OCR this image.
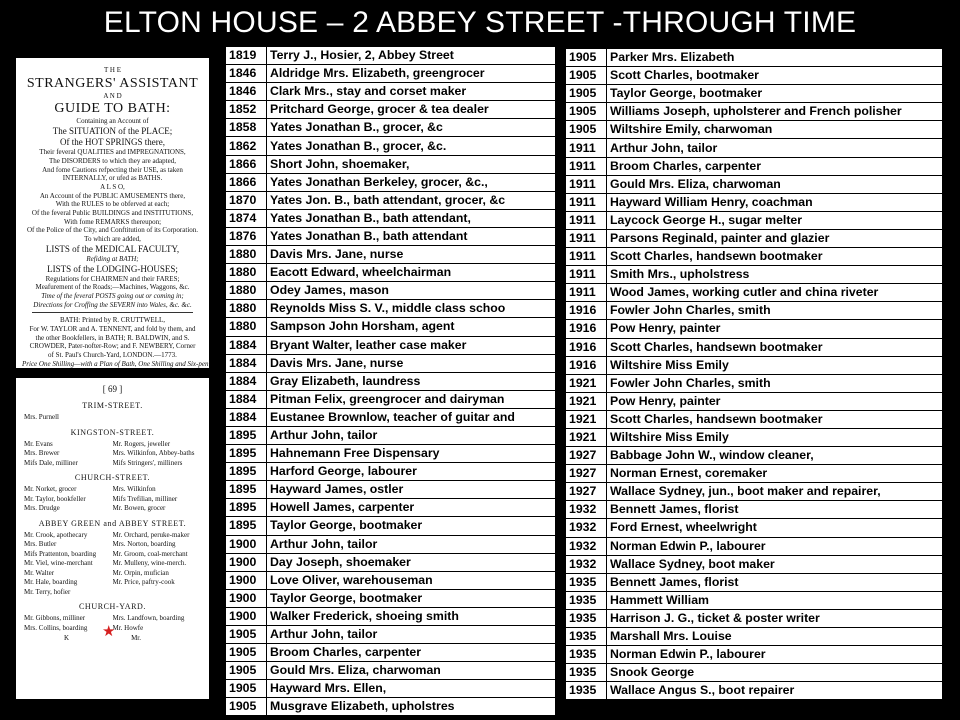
ELTON HOUSE – 2 ABBEY STREET -THROUGH TIME
T H E
STRANGERS' ASSISTANT
A N D
GUIDE TO BATH:
Containing an Account of
The SITUATION of the PLACE;
Of the HOT SPRINGS there,
Their feveral QUALITIES and IMPREGNATIONS,
The DISORDERS to which they are adapted,
And fome Cautions refpecting their USE, as taken
INTERNALLY, or ufed as BATHS.
A L S O,
An Account of the PUBLIC AMUSEMENTS there,
With the RULES to be obferved at each;
Of the feveral Public BUILDINGS and INSTITUTIONS,
With fome REMARKS thereupon;
Of the Police of the City, and Conftitution of its Corporation.
To which are added,
LISTS of the MEDICAL FACULTY,
Refiding at BATH;
LISTS of the LODGING-HOUSES;
Regulations for CHAIRMEN and their FARES;
Meafurement of the Roads;—Machines, Waggons, &c.
Time of the feveral POSTS going out or coming in;
Directions for Croffing the SEVERN into Wales, &c. &c.
BATH: Printed by R. CRUTTWELL,
For W. TAYLOR and A. TENNENT, and fold by them, and
the other Bookfellers, in BATH; R. BALDWIN, and S.
CROWDER, Pater-nofter-Row; and F. NEWBERY, Corner
of St. Paul's Church-Yard, LONDON.—1773.
Price One Shilling—with a Plan of Bath, One Shilling and Six-pen
[ 69 ]
TRIM-STREET.
Mrs. Purnell
KINGSTON-STREET.
Mr. Evans	Mr. Rogers, jeweller
Mrs. Brewer	Mrs. Wilkinfon, Abbey-baths
Mifs Dale, milliner	Mifs Stringers', milliners
CHURCH-STREET.
Mr. Norket, grocer	Mrs. Wilkinfon
Mr. Taylor, bookfeller	Mifs Trefilian, milliner
Mrs. Drudge	Mr. Bowen, grocer
ABBEY GREEN and ABBEY STREET.
Mr. Crook, apothecary	Mr. Orchard, peruke-maker
Mrs. Butler	Mrs. Norton, boarding
Mifs Prattenton, boarding	Mr. Groom, coal-merchant
Mr. Viel, wine-merchant	Mr. Mulleny, wine-merch.
Mr. Walter	Mr. Orpin, mufician
Mr. Hale, boarding	Mr. Price, paftry-cook
Mr. Terry, hofier
CHURCH-YARD.
Mr. Gibbons, milliner	Mrs. Landfown, boarding
Mrs. Collins, boarding	Mr. Howfe
K	Mr.
★
1819	Terry J., Hosier, 2, Abbey Street
1846	Aldridge Mrs. Elizabeth, greengrocer
1846	Clark Mrs., stay and corset maker
1852	Pritchard George, grocer & tea dealer
1858	Yates Jonathan B., grocer, &c
1862	Yates Jonathan B., grocer, &c.
1866	Short John, shoemaker,
1866	Yates Jonathan Berkeley, grocer, &c.,
1870	Yates Jon. B., bath attendant, grocer, &c
1874	Yates Jonathan B., bath attendant,
1876	Yates Jonathan B., bath attendant
1880	Davis Mrs. Jane, nurse
1880	Eacott Edward, wheelchairman
1880	Odey James, mason
1880	Reynolds Miss S. V., middle class schoo
1880	Sampson John Horsham, agent
1884	Bryant Walter, leather case maker
1884	Davis Mrs. Jane, nurse
1884	Gray Elizabeth, laundress
1884	Pitman Felix, greengrocer and dairyman
1884	Eustanee Brownlow, teacher of guitar and
1895	Arthur John, tailor
1895	Hahnemann Free Dispensary
1895	Harford George, labourer
1895	Hayward James, ostler
1895	Howell James, carpenter
1895	Taylor George, bootmaker
1900	Arthur John, tailor
1900	Day Joseph, shoemaker
1900	Love Oliver, warehouseman
1900	Taylor George, bootmaker
1900	Walker Frederick, shoeing smith
1905	Arthur John, tailor
1905	Broom Charles, carpenter
1905	Gould Mrs. Eliza, charwoman
1905	Hayward Mrs. Ellen,
1905	Musgrave Elizabeth, upholstres
1905	Parker Mrs. Elizabeth
1905	Scott Charles, bootmaker
1905	Taylor George, bootmaker
1905	Williams Joseph, upholsterer and French polisher
1905	Wiltshire Emily, charwoman
1911	Arthur John, tailor
1911	Broom Charles, carpenter
1911	Gould Mrs. Eliza, charwoman
1911	Hayward William Henry, coachman
1911	Laycock George H., sugar melter
1911	Parsons Reginald, painter and glazier
1911	Scott Charles, handsewn bootmaker
1911	Smith Mrs., upholstress
1911	Wood James, working cutler and china riveter
1916	Fowler John Charles, smith
1916	Pow Henry, painter
1916	Scott Charles, handsewn bootmaker
1916	Wiltshire Miss Emily
1921	Fowler John Charles, smith
1921	Pow Henry, painter
1921	Scott Charles, handsewn bootmaker
1921	Wiltshire Miss Emily
1927	Babbage John W., window cleaner,
1927	Norman Ernest, coremaker
1927	Wallace Sydney, jun., boot maker and repairer,
1932	Bennett James, florist
1932	Ford Ernest, wheelwright
1932	Norman Edwin P., labourer
1932	Wallace Sydney, boot maker
1935	Bennett James, florist
1935	Hammett William
1935	Harrison J. G., ticket & poster writer
1935	Marshall Mrs. Louise
1935	Norman Edwin P., labourer
1935	Snook George
1935	Wallace Angus S., boot repairer
